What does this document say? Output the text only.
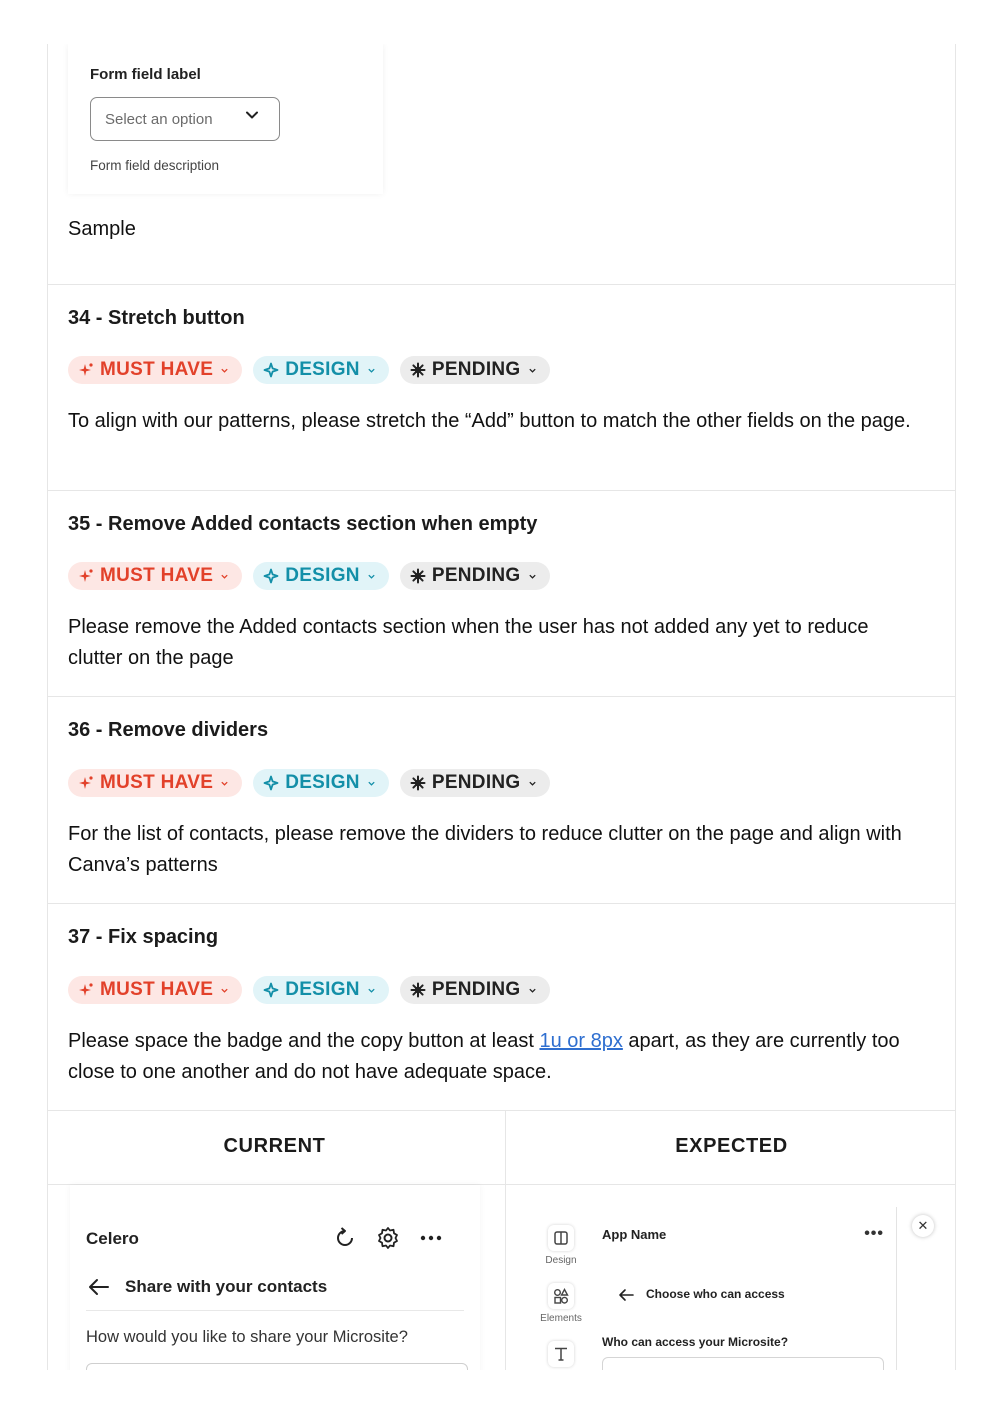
Form field label
Select an option
Form field description
Sample
34 - Stretch button
MUST HAVE	DESIGN	PENDING
To align with our patterns, please stretch the “Add” button to match the other fields on the page.
35 - Remove Added contacts section when empty
MUST HAVE	DESIGN	PENDING
Please remove the Added contacts section when the user has not added any yet to reduce clutter on the page
36 - Remove dividers
MUST HAVE	DESIGN	PENDING
For the list of contacts, please remove the dividers to reduce clutter on the page and align with Canva’s patterns
37 - Fix spacing
MUST HAVE	DESIGN	PENDING
Please space the badge and the copy button at least 1u or 8px apart, as they are currently too close to one another and do not have adequate space.
CURRENT	EXPECTED
Celero
Share with your contacts
How would you like to share your Microsite?
Design
Elements
App Name	•••
Choose who can access
Who can access your Microsite?
✕
